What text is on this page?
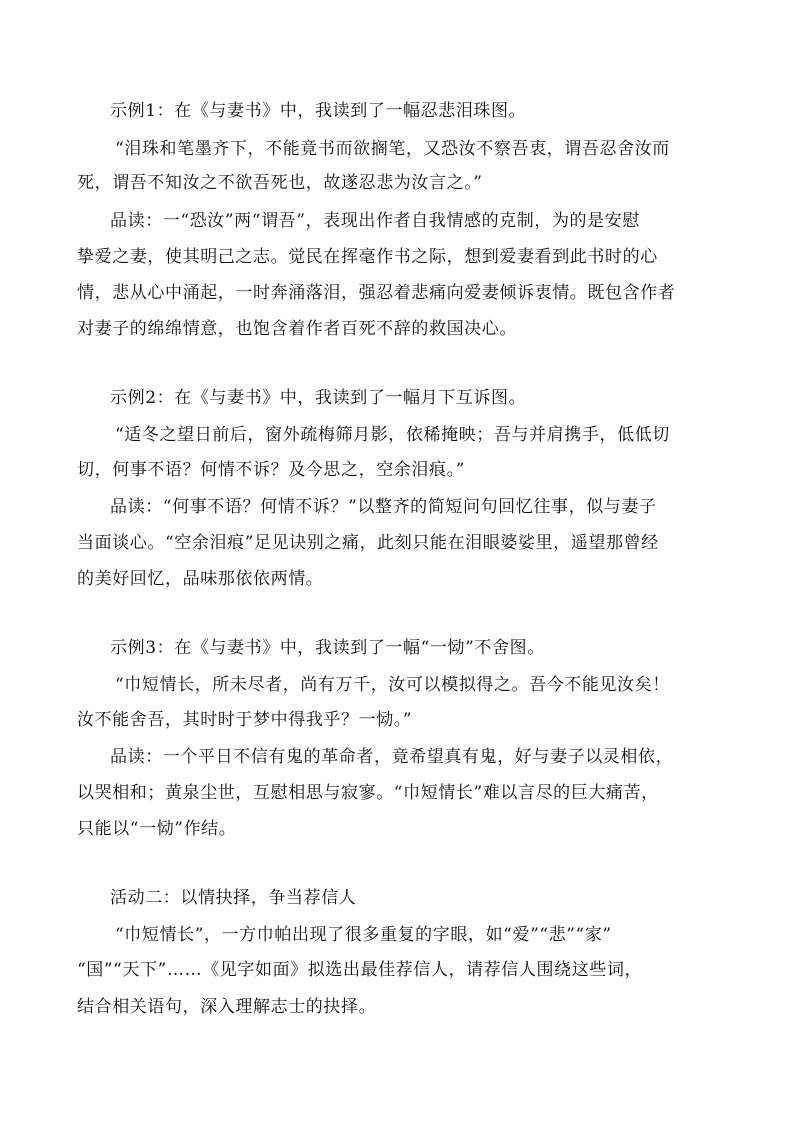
示例1：在《与妻书》中，我读到了一幅忍悲泪珠图。
“泪珠和笔墨齐下，不能竟书而欲搁笔，又恐汝不察吾衷，谓吾忍舍汝而
死，谓吾不知汝之不欲吾死也，故遂忍悲为汝言之。”
品读：一“恐汝”两“谓吾”，表现出作者自我情感的克制，为的是安慰
挚爱之妻，使其明己之志。觉民在挥毫作书之际，想到爱妻看到此书时的心
情，悲从心中涌起，一时奔涌落泪，强忍着悲痛向爱妻倾诉衷情。既包含作者
对妻子的绵绵情意，也饱含着作者百死不辞的救国决心。
示例2：在《与妻书》中，我读到了一幅月下互诉图。
“适冬之望日前后，窗外疏梅筛月影，依稀掩映；吾与并肩携手，低低切
切，何事不语？何情不诉？及今思之，空余泪痕。”
品读：“何事不语？何情不诉？”以整齐的简短问句回忆往事，似与妻子
当面谈心。“空余泪痕”足见诀别之痛，此刻只能在泪眼婆娑里，遥望那曾经
的美好回忆，品味那依依两情。
示例3：在《与妻书》中，我读到了一幅“一恸”不舍图。
“巾短情长，所未尽者，尚有万千，汝可以模拟得之。吾今不能见汝矣！
汝不能舍吾，其时时于梦中得我乎？一恸。”
品读：一个平日不信有鬼的革命者，竟希望真有鬼，好与妻子以灵相依，
以哭相和；黄泉尘世，互慰相思与寂寥。“巾短情长”难以言尽的巨大痛苦，
只能以“一恸”作结。
活动二：以情抉择，争当荐信人
“巾短情长”，一方巾帕出现了很多重复的字眼，如“爱”“悲”“家”
“国”“天下”……《见字如面》拟选出最佳荐信人，请荐信人围绕这些词，
结合相关语句，深入理解志士的抉择。
